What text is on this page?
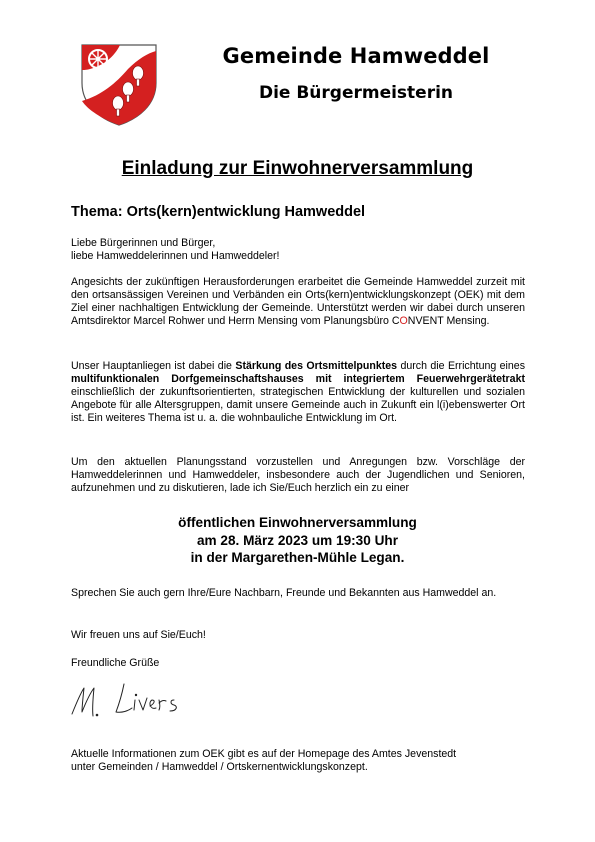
Gemeinde Hamweddel
Die Bürgermeisterin
Einladung zur Einwohnerversammlung
Thema: Orts(kern)entwicklung Hamweddel
Liebe Bürgerinnen und Bürger,
liebe Hamweddelerinnen und Hamweddeler!
Angesichts der zukünftigen Herausforderungen erarbeitet die Gemeinde Hamweddel zurzeit mit den ortsansässigen Vereinen und Verbänden ein Orts(kern)entwicklungskonzept (OEK) mit dem Ziel einer nachhaltigen Entwicklung der Gemeinde. Unterstützt werden wir dabei durch unseren Amtsdirektor Marcel Rohwer und Herrn Mensing vom Planungsbüro CONVENT Mensing.
Unser Hauptanliegen ist dabei die Stärkung des Ortsmittelpunktes durch die Errichtung eines multifunktionalen Dorfgemeinschaftshauses mit integriertem Feuerwehrgerätetrakt einschließlich der zukunftsorientierten, strategischen Entwicklung der kulturellen und sozialen Angebote für alle Altersgruppen, damit unsere Gemeinde auch in Zukunft ein l(i)ebenswerter Ort ist. Ein weiteres Thema ist u. a. die wohnbauliche Entwicklung im Ort.
Um den aktuellen Planungsstand vorzustellen und Anregungen bzw. Vorschläge der Hamweddelerinnen und Hamweddeler, insbesondere auch der Jugendlichen und Senioren, aufzunehmen und zu diskutieren, lade ich Sie/Euch herzlich ein zu einer
öffentlichen Einwohnerversammlung
am 28. März 2023 um 19:30 Uhr
in der Margarethen-Mühle Legan.
Sprechen Sie auch gern Ihre/Eure Nachbarn, Freunde und Bekannten aus Hamweddel an.
Wir freuen uns auf Sie/Euch!
Freundliche Grüße
Aktuelle Informationen zum OEK gibt es auf der Homepage des Amtes Jevenstedt
unter Gemeinden / Hamweddel / Ortskernentwicklungskonzept.
